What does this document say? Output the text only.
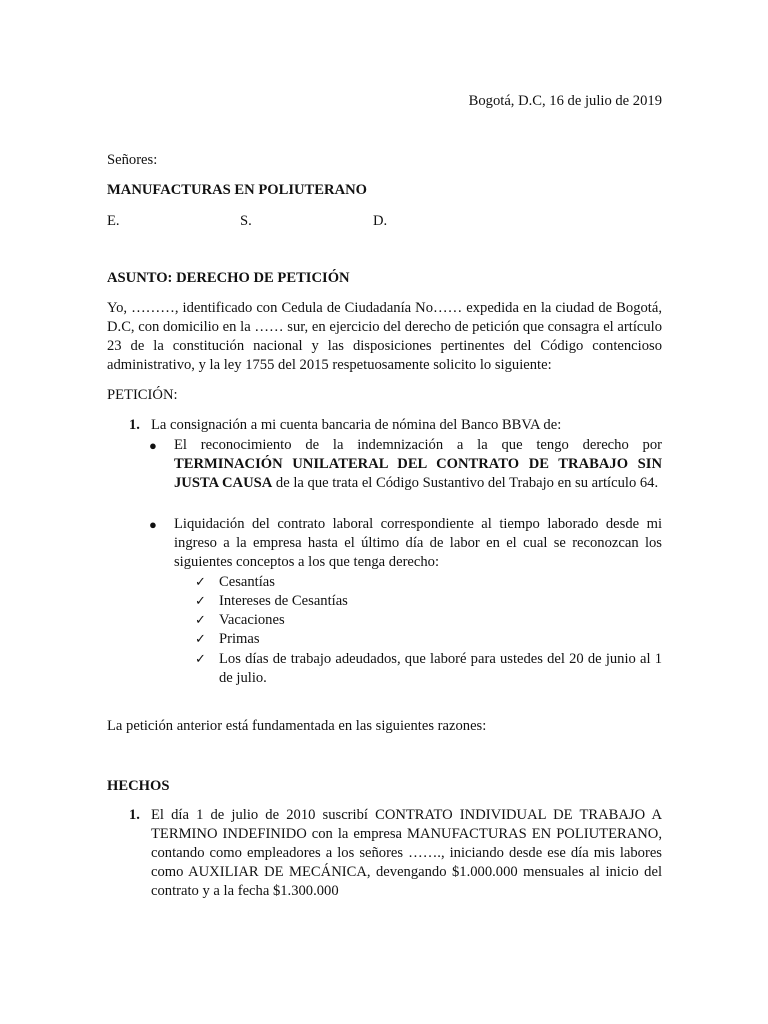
Bogotá, D.C, 16 de julio de 2019
Señores:
MANUFACTURAS EN POLIUTERANO
E.	S.	D.
ASUNTO: DERECHO DE PETICIÓN
Yo, ………, identificado con Cedula de Ciudadanía No…… expedida en la ciudad de Bogotá, D.C, con domicilio en la …… sur, en ejercicio del derecho de petición que consagra el artículo 23 de la constitución nacional y las disposiciones pertinentes del Código contencioso administrativo, y la ley 1755 del 2015 respetuosamente solicito lo siguiente:
PETICIÓN:
1. La consignación a mi cuenta bancaria de nómina del Banco BBVA de:
● El reconocimiento de la indemnización a la que tengo derecho por TERMINACIÓN UNILATERAL DEL CONTRATO DE TRABAJO SIN JUSTA CAUSA de la que trata el Código Sustantivo del Trabajo en su artículo 64.
● Liquidación del contrato laboral correspondiente al tiempo laborado desde mi ingreso a la empresa hasta el último día de labor en el cual se reconozcan los siguientes conceptos a los que tenga derecho:
✓ Cesantías
✓ Intereses de Cesantías
✓ Vacaciones
✓ Primas
✓ Los días de trabajo adeudados, que laboré para ustedes del 20 de junio al 1 de julio.
La petición anterior está fundamentada en las siguientes razones:
HECHOS
1. El día 1 de julio de 2010 suscribí CONTRATO INDIVIDUAL DE TRABAJO A TERMINO INDEFINIDO con la empresa MANUFACTURAS EN POLIUTERANO, contando como empleadores a los señores ……., iniciando desde ese día mis labores como AUXILIAR DE MECÁNICA, devengando $1.000.000 mensuales al inicio del contrato y a la fecha $1.300.000
